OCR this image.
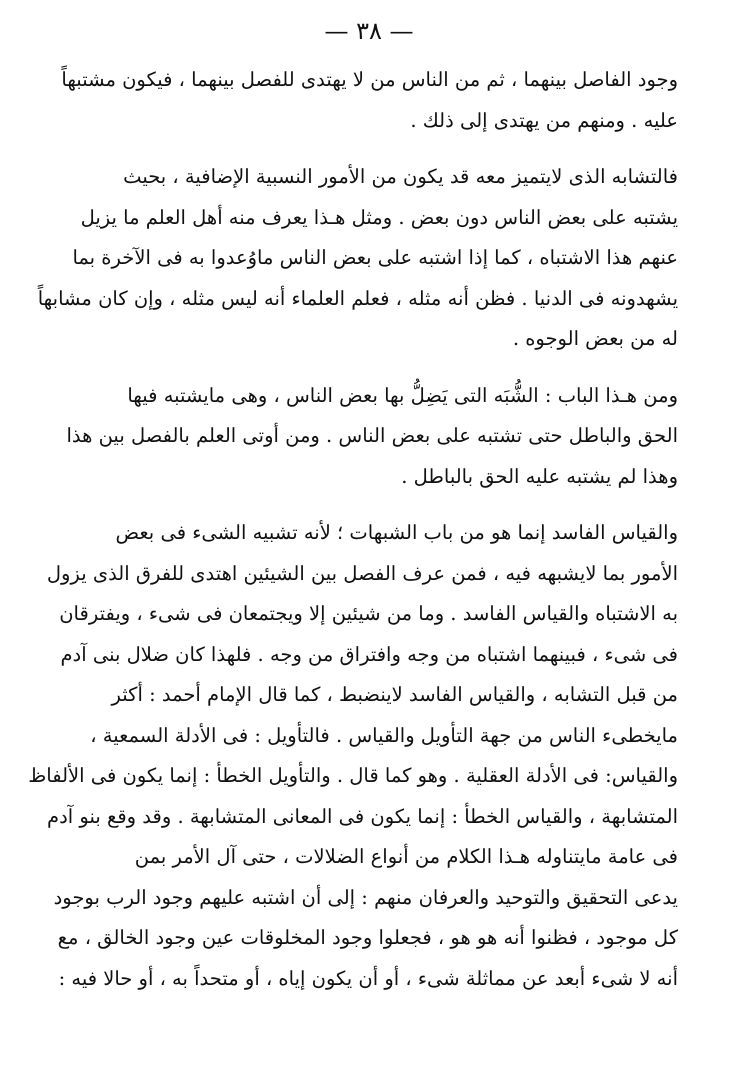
— ٣٨ —
وجود الفاصل بينهما ، ثم من الناس من لا يهتدى للفصل بينهما ، فيكون مشتبهاً
عليه . ومنهم من يهتدى إلى ذلك .
فالتشابه الذى لايتميز معه قد يكون من الأمور النسبية الإضافية ، بحيث
يشتبه على بعض الناس دون بعض . ومثل هـذا يعرف منه أهل العلم ما يزيل
عنهم هذا الاشتباه ، كما إذا اشتبه على بعض الناس ماوُعدوا به فى الآخرة بما
يشهدونه فى الدنيا . فظن أنه مثله ، فعلم العلماء أنه ليس مثله ، وإن كان مشابهاً
له من بعض الوجوه .
ومن هـذا الباب : الشُّبَه التى يَضِلُّ بها بعض الناس ، وهى مايشتبه فيها
الحق والباطل حتى تشتبه على بعض الناس . ومن أوتى العلم بالفصل بين هذا
وهذا لم يشتبه عليه الحق بالباطل .
والقياس الفاسد إنما هو من باب الشبهات ؛ لأنه تشبيه الشىء فى بعض
الأمور بما لايشبهه فيه ، فمن عرف الفصل بين الشيئين اهتدى للفرق الذى يزول
به الاشتباه والقياس الفاسد . وما من شيئين إلا ويجتمعان فى شىء ، ويفترقان
فى شىء ، فبينهما اشتباه من وجه وافتراق من وجه . فلهذا كان ضلال بنى آدم
من قبل التشابه ، والقياس الفاسد لاينضبط ، كما قال الإمام أحمد : أكثر
مايخطىء الناس من جهة التأويل والقياس . فالتأويل : فى الأدلة السمعية ،
والقياس: فى الأدلة العقلية . وهو كما قال . والتأويل الخطأ : إنما يكون فى الألفاظ
المتشابهة ، والقياس الخطأ : إنما يكون فى المعانى المتشابهة . وقد وقع بنو آدم
فى عامة مايتناوله هـذا الكلام من أنواع الضلالات ، حتى آل الأمر بمن
يدعى التحقيق والتوحيد والعرفان منهم : إلى أن اشتبه عليهم وجود الرب بوجود
كل موجود ، فظنوا أنه هو هو ، فجعلوا وجود المخلوقات عين وجود الخالق ، مع
أنه لا شىء أبعد عن مماثلة شىء ، أو أن يكون إياه ، أو متحداً به ، أو حالا فيه :
